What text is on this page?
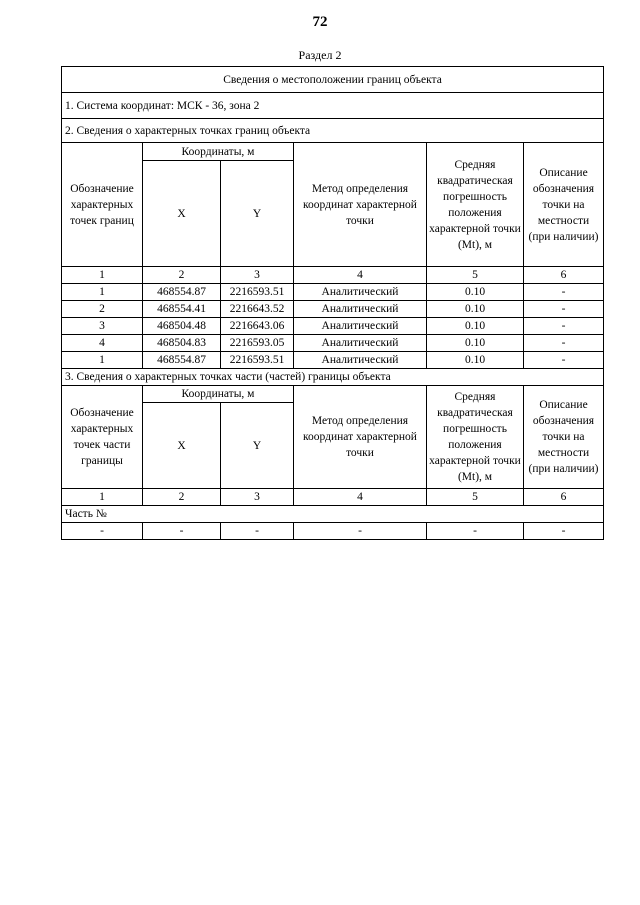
72
Раздел 2
Сведения о местоположении границ объекта					
1. Система координат: МСК - 36, зона 2					
2. Сведения о характерных точках границ объекта					
Обозначение характерных точек границ	Координаты, м		Метод определения координат характерной точки	Средняя квадратическая погрешность положения характерной точки (Mt), м	Описание обозначения точки на местности (при наличии)
	X	Y			
1	2	3	4	5	6
1	468554.87	2216593.51	Аналитический	0.10	-
2	468554.41	2216643.52	Аналитический	0.10	-
3	468504.48	2216643.06	Аналитический	0.10	-
4	468504.83	2216593.05	Аналитический	0.10	-
1	468554.87	2216593.51	Аналитический	0.10	-
3. Сведения о характерных точках части (частей) границы объекта					
Обозначение характерных точек части границы	Координаты, м		Метод определения координат характерной точки	Средняя квадратическая погрешность положения характерной точки (Mt), м	Описание обозначения точки на местности (при наличии)
	X	Y			
1	2	3	4	5	6
Часть №					
-	-	-	-	-	-
